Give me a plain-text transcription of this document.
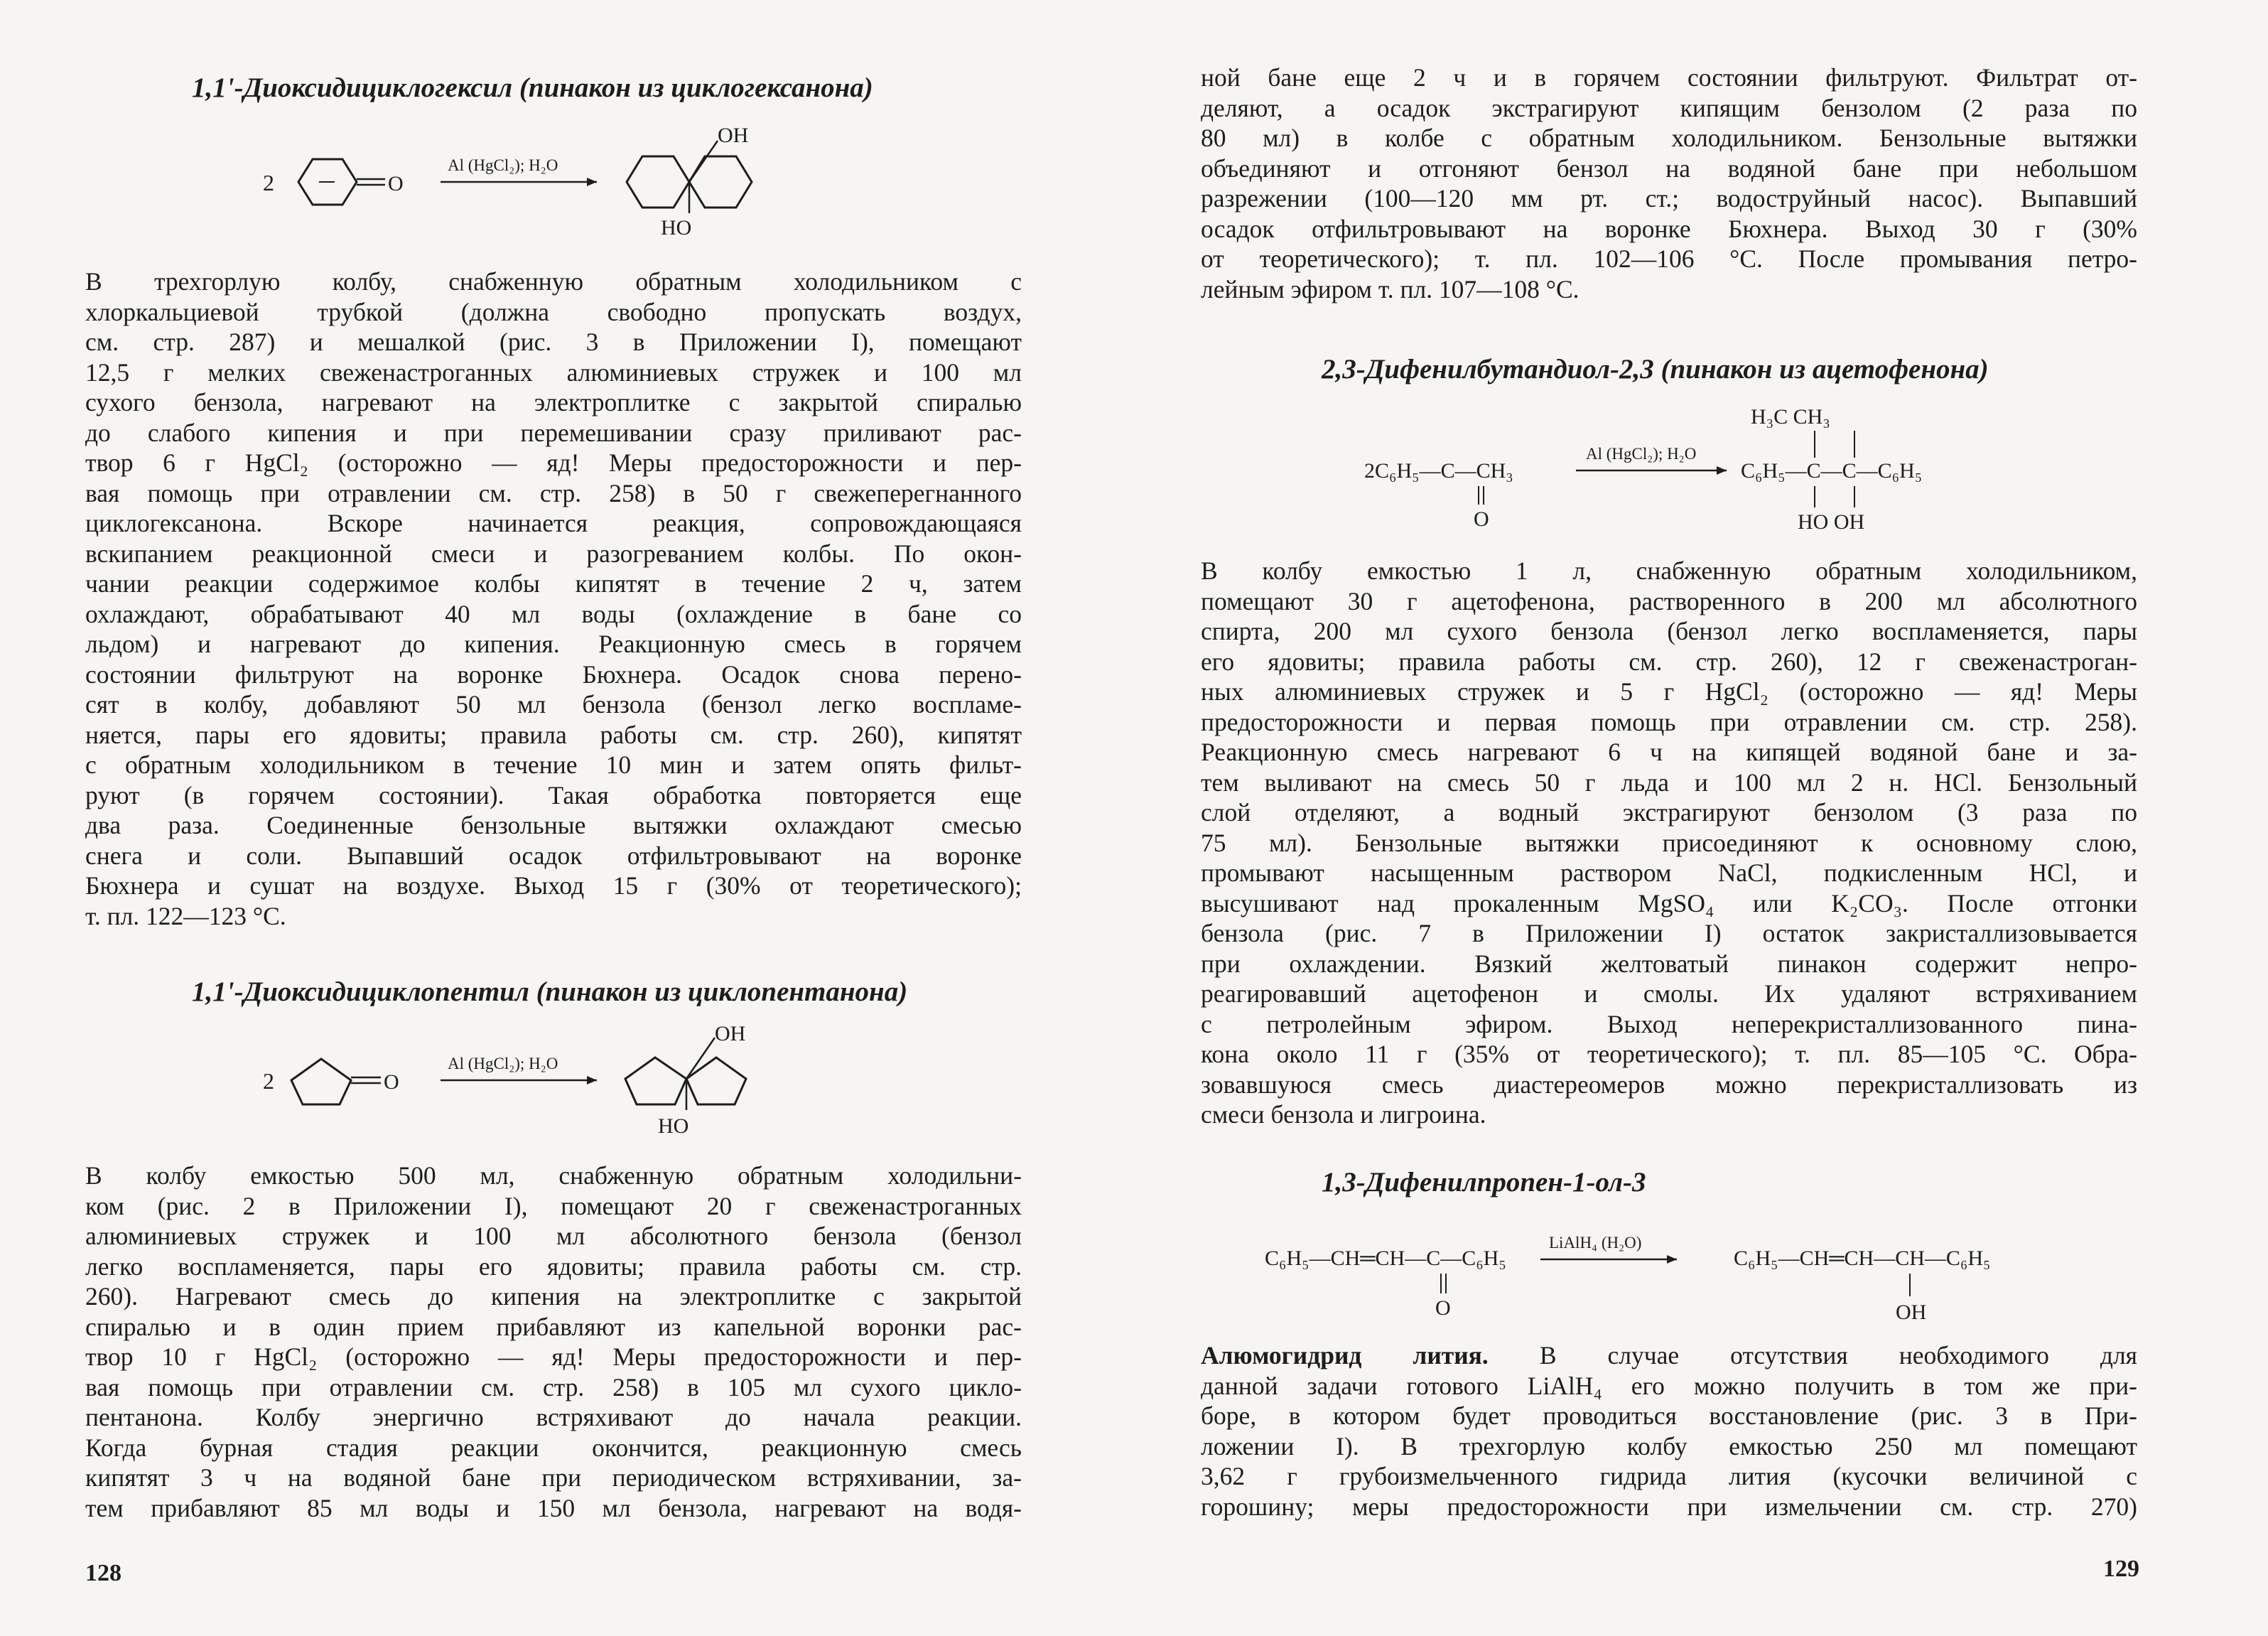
1,1'-Диоксидициклогексил (пинакон из циклогексанона)
2	O
Al (HgCl₂); H₂O
OH
HO
В трехгорлую колбу, снабженную обратным холодильником с
хлоркальциевой трубкой (должна свободно пропускать воздух,
см. стр. 287) и мешалкой (рис. 3 в Приложении I), помещают
12,5 г мелких свеженастроганных алюминиевых стружек и 100 мл
сухого бензола, нагревают на электроплитке с закрытой спиралью
до слабого кипения и при перемешивании сразу приливают рас-
твор 6 г HgCl₂ (осторожно — яд! Меры предосторожности и пер-
вая помощь при отравлении см. стр. 258) в 50 г свежеперегнанного
циклогексанона. Вскоре начинается реакция, сопровождающаяся
вскипанием реакционной смеси и разогреванием колбы. По окон-
чании реакции содержимое колбы кипятят в течение 2 ч, затем
охлаждают, обрабатывают 40 мл воды (охлаждение в бане со
льдом) и нагревают до кипения. Реакционную смесь в горячем
состоянии фильтруют на воронке Бюхнера. Осадок снова перено-
сят в колбу, добавляют 50 мл бензола (бензол легко воспламе-
няется, пары его ядовиты; правила работы см. стр. 260), кипятят
с обратным холодильником в течение 10 мин и затем опять фильт-
руют (в горячем состоянии). Такая обработка повторяется еще
два раза. Соединенные бензольные вытяжки охлаждают смесью
снега и соли. Выпавший осадок отфильтровывают на воронке
Бюхнера и сушат на воздухе. Выход 15 г (30% от теоретического);
т. пл. 122—123 °С.
1,1'-Диоксидициклопентил (пинакон из циклопентанона)
2	O
Al (HgCl₂); H₂O
OH
HO
В колбу емкостью 500 мл, снабженную обратным холодильни-
ком (рис. 2 в Приложении I), помещают 20 г свеженастроганных
алюминиевых стружек и 100 мл абсолютного бензола (бензол
легко воспламеняется, пары его ядовиты; правила работы см. стр.
260). Нагревают смесь до кипения на электроплитке с закрытой
спиралью и в один прием прибавляют из капельной воронки рас-
твор 10 г HgCl₂ (осторожно — яд! Меры предосторожности и пер-
вая помощь при отравлении см. стр. 258) в 105 мл сухого цикло-
пентанона. Колбу энергично встряхивают до начала реакции.
Когда бурная стадия реакции окончится, реакционную смесь
кипятят 3 ч на водяной бане при периодическом встряхивании, за-
тем прибавляют 85 мл воды и 150 мл бензола, нагревают на водя-
128
ной бане еще 2 ч и в горячем состоянии фильтруют. Фильтрат от-
деляют, а осадок экстрагируют кипящим бензолом (2 раза по
80 мл) в колбе с обратным холодильником. Бензольные вытяжки
объединяют и отгоняют бензол на водяной бане при небольшом
разрежении (100—120 мм рт. ст.; водоструйный насос). Выпавший
осадок отфильтровывают на воронке Бюхнера. Выход 30 г (30%
от теоретического); т. пл. 102—106 °С. После промывания петро-
лейным эфиром т. пл. 107—108 °С.
2,3-Дифенилбутандиол-2,3 (пинакон из ацетофенона)
2C₆H₅—C—CH₃
O
Al (HgCl₂); H₂O
H₃C CH₃
C₆H₅—C—C—C₆H₅
HO OH
В колбу емкостью 1 л, снабженную обратным холодильником,
помещают 30 г ацетофенона, растворенного в 200 мл абсолютного
спирта, 200 мл сухого бензола (бензол легко воспламеняется, пары
его ядовиты; правила работы см. стр. 260), 12 г свеженастроган-
ных алюминиевых стружек и 5 г HgCl₂ (осторожно — яд! Меры
предосторожности и первая помощь при отравлении см. стр. 258).
Реакционную смесь нагревают 6 ч на кипящей водяной бане и за-
тем выливают на смесь 50 г льда и 100 мл 2 н. HCl. Бензольный
слой отделяют, а водный экстрагируют бензолом (3 раза по
75 мл). Бензольные вытяжки присоединяют к основному слою,
промывают насыщенным раствором NaCl, подкисленным HCl, и
высушивают над прокаленным MgSO₄ или K₂CO₃. После отгонки
бензола (рис. 7 в Приложении I) остаток закристаллизовывается
при охлаждении. Вязкий желтоватый пинакон содержит непро-
реагировавший ацетофенон и смолы. Их удаляют встряхиванием
с петролейным эфиром. Выход неперекристаллизованного пина-
кона около 11 г (35% от теоретического); т. пл. 85—105 °С. Обра-
зовавшуюся смесь диастереомеров можно перекристаллизовать из
смеси бензола и лигроина.
1,3-Дифенилпропен-1-ол-3
C₆H₅—CH═CH—C—C₆H₅
O
LiAlH₄ (H₂O)
C₆H₅—CH═CH—CH—C₆H₅
OH
Алюмогидрид лития. В случае отсутствия необходимого для
данной задачи готового LiAlH₄ его можно получить в том же при-
боре, в котором будет проводиться восстановление (рис. 3 в При-
ложении I). В трехгорлую колбу емкостью 250 мл помещают
3,62 г грубоизмельченного гидрида лития (кусочки величиной с
горошину; меры предосторожности при измельчении см. стр. 270)
129
